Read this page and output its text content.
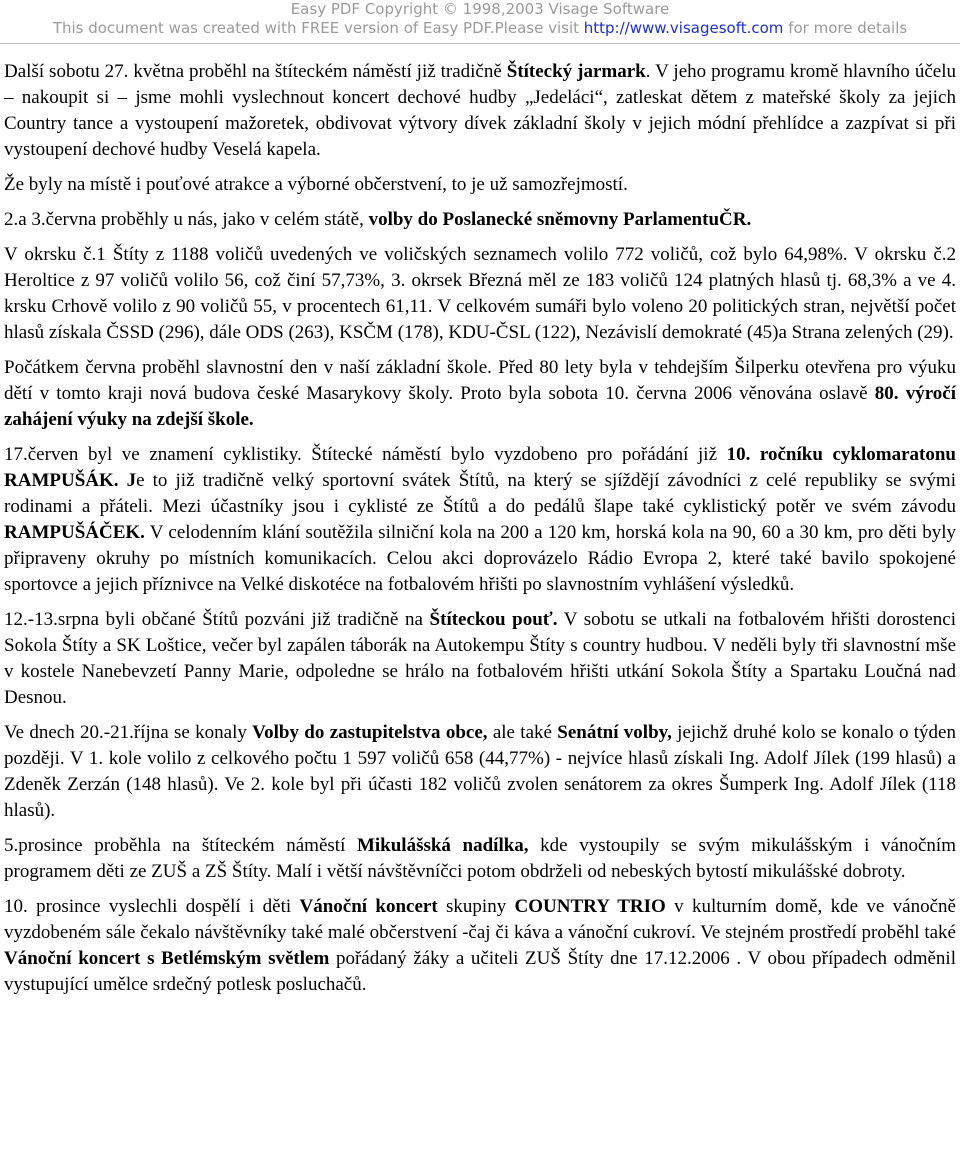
Easy PDF Copyright © 1998,2003 Visage Software
This document was created with FREE version of Easy PDF.Please visit http://www.visagesoft.com for more details

Další sobotu 27. května proběhl na štíteckém náměstí již tradičně Štítecký jarmark. V jeho programu kromě hlavního účelu – nakoupit si – jsme mohli vyslechnout koncert dechové hudby „Jedeláci“, zatleskat dětem z mateřské školy za jejich Country tance a vystoupení mažoretek, obdivovat výtvory dívek základní školy v jejich módní přehlídce a zazpívat si při vystoupení dechové hudby Veselá kapela.

Že byly na místě i pouťové atrakce a výborné občerstvení, to je už samozřejmostí.

2.a 3.června proběhly u nás, jako v celém státě, volby do Poslanecké sněmovny ParlamentuČR.

V okrsku č.1 Štíty z 1188 voličů uvedených ve voličských seznamech volilo 772 voličů, což bylo 64,98%. V okrsku č.2 Heroltice z 97 voličů volilo 56, což činí 57,73%, 3. okrsek Březná měl ze 183 voličů 124 platných hlasů tj. 68,3% a ve 4. krsku Crhově volilo z 90 voličů 55, v procentech 61,11. V celkovém sumáři bylo voleno 20 politických stran, největší počet hlasů získala ČSSD (296), dále ODS (263), KSČM (178), KDU-ČSL (122), Nezávislí demokraté (45)a Strana zelených (29).

Počátkem června proběhl slavnostní den v naší základní škole. Před 80 lety byla v tehdejším Šilperku otevřena pro výuku dětí v tomto kraji nová budova české Masarykovy školy. Proto byla sobota 10. června 2006 věnována oslavě 80. výročí zahájení výuky na zdejší škole.

17.červen byl ve znamení cyklistiky. Štítecké náměstí bylo vyzdobeno pro pořádání již 10. ročníku cyklomaratonu RAMPUŠÁK. Je to již tradičně velký sportovní svátek Štítů, na který se sjíždějí závodníci z celé republiky se svými rodinami a přáteli. Mezi účastníky jsou i cyklisté ze Štítů a do pedálů šlape také cyklistický potěr ve svém závodu RAMPUŠÁČEK. V celodenním klání soutěžila silniční kola na 200 a 120 km, horská kola na 90, 60 a 30 km, pro děti byly připraveny okruhy po místních komunikacích. Celou akci doprovázelo Rádio Evropa 2, které také bavilo spokojené sportovce a jejich příznivce na Velké diskotéce na fotbalovém hřišti po slavnostním vyhlášení výsledků.

12.-13.srpna byli občané Štítů pozváni již tradičně na Štíteckou pouť. V sobotu se utkali na fotbalovém hřišti dorostenci Sokola Štíty a SK Loštice, večer byl zapálen táborák na Autokempu Štíty s country hudbou. V neděli byly tři slavnostní mše v kostele Nanebevzetí Panny Marie, odpoledne se hrálo na fotbalovém hřišti utkání Sokola Štíty a Spartaku Loučná nad Desnou.

Ve dnech 20.-21.října se konaly Volby do zastupitelstva obce, ale také Senátní volby, jejichž druhé kolo se konalo o týden později. V 1. kole volilo z celkového počtu 1 597 voličů 658 (44,77%) - nejvíce hlasů získali Ing. Adolf Jílek (199 hlasů) a Zdeněk Zerzán (148 hlasů). Ve 2. kole byl při účasti 182 voličů zvolen senátorem za okres Šumperk Ing. Adolf Jílek (118 hlasů).

5.prosince proběhla na štíteckém náměstí Mikulášská nadílka, kde vystoupily se svým mikulášským i vánočním programem děti ze ZUŠ a ZŠ Štíty. Malí i větší návštěvníčci potom obdrželi od nebeských bytostí mikulášské dobroty.

10. prosince vyslechli dospělí i děti Vánoční koncert skupiny COUNTRY TRIO v kulturním domě, kde ve vánočně vyzdobeném sále čekalo návštěvníky také malé občerstvení -čaj či káva a vánoční cukroví. Ve stejném prostředí proběhl také Vánoční koncert s Betlémským světlem pořádaný žáky a učiteli ZUŠ Štíty dne 17.12.2006 . V obou případech odměnil vystupující umělce srdečný potlesk posluchačů.
